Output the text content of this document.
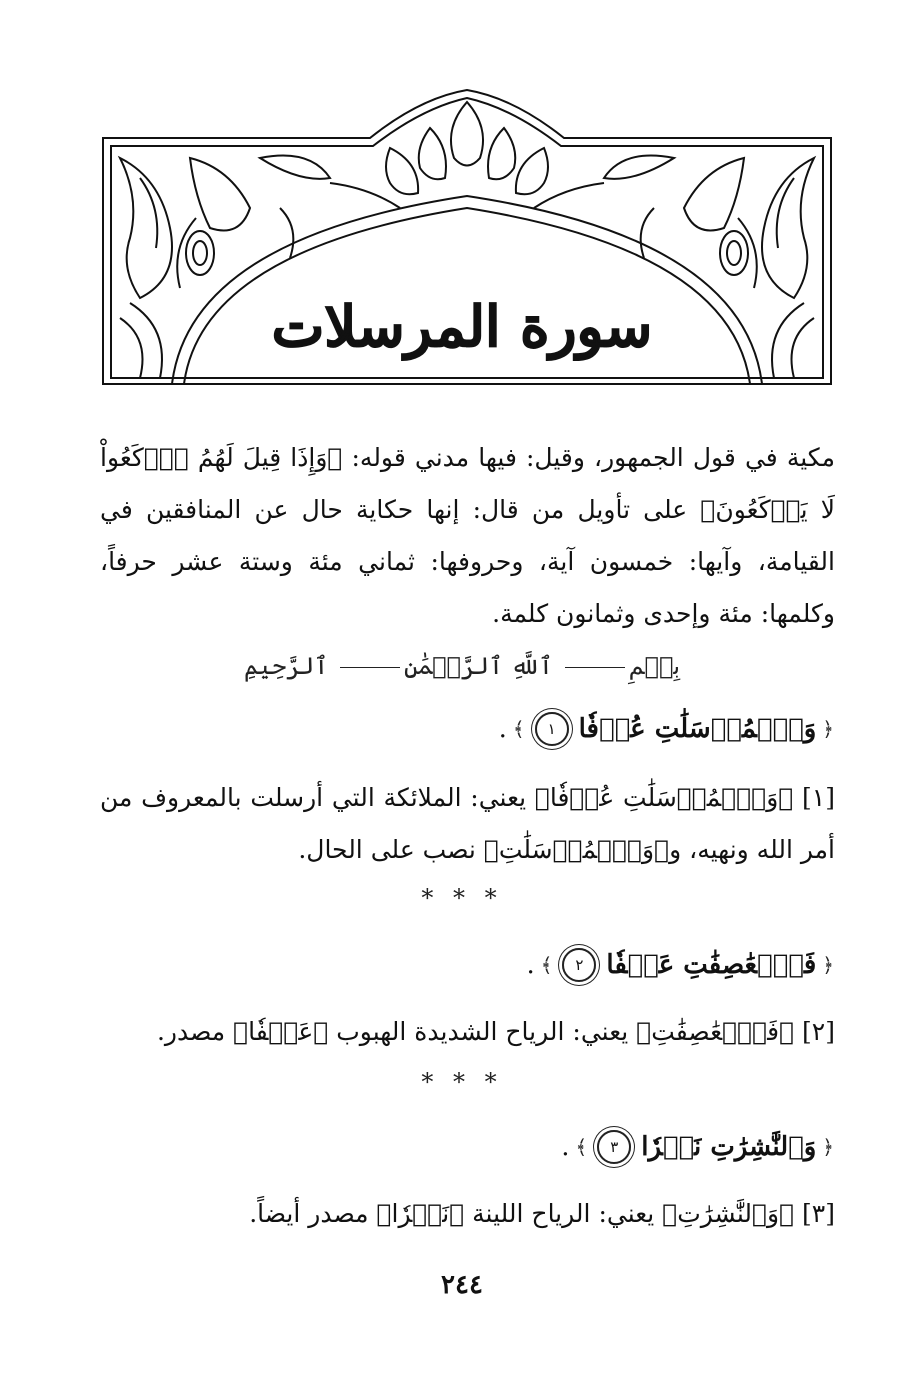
سورة المرسلات

مكية في قول الجمهور، وقيل: فيها مدني قوله: ﴿وَإِذَا قِيلَ لَهُمُ ٱرۡكَعُواْ لَا يَرۡكَعُونَ﴾ على تأويل من قال: إنها حكاية حال عن المنافقين في القيامة، وآيها: خمسون آية، وحروفها: ثماني مئة وستة عشر حرفاً، وكلمها: مئة وإحدى وثمانون كلمة.

بِسۡمِ ٱللَّهِ ٱلرَّحۡمَٰنِ ٱلرَّحِيمِ
﴿
وَٱلۡمُرۡسَلَٰتِ عُرۡفٗا
١
﴾
.

[١] ﴿وَٱلۡمُرۡسَلَٰتِ عُرۡفٗا﴾ يعني: الملائكة التي أرسلت بالمعروف من أمر الله ونهيه، و﴿وَٱلۡمُرۡسَلَٰتِ﴾ نصب على الحال.

* * *
﴿
فَٱلۡعَٰصِفَٰتِ عَصۡفٗا
٢
﴾
.

[٢] ﴿فَٱلۡعَٰصِفَٰتِ﴾ يعني: الرياح الشديدة الهبوب ﴿عَصۡفٗا﴾ مصدر.

* * *
﴿
وَٱلنَّٰشِرَٰتِ نَشۡرٗا
٣
﴾
.

[٣] ﴿وَٱلنَّٰشِرَٰتِ﴾ يعني: الرياح اللينة ﴿نَشۡرٗا﴾ مصدر أيضاً.

٢٤٤
